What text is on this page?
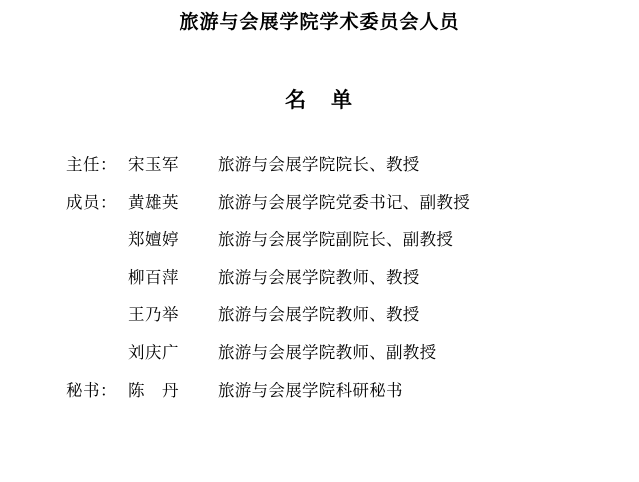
旅游与会展学院学术委员会人员
名　单
主任： 宋玉军	旅游与会展学院院长、教授
成员： 黄雄英	旅游与会展学院党委书记、副教授
郑嬗婷	旅游与会展学院副院长、副教授
柳百萍	旅游与会展学院教师、教授
王乃举	旅游与会展学院教师、教授
刘庆广	旅游与会展学院教师、副教授
秘书： 陈　丹	旅游与会展学院科研秘书
